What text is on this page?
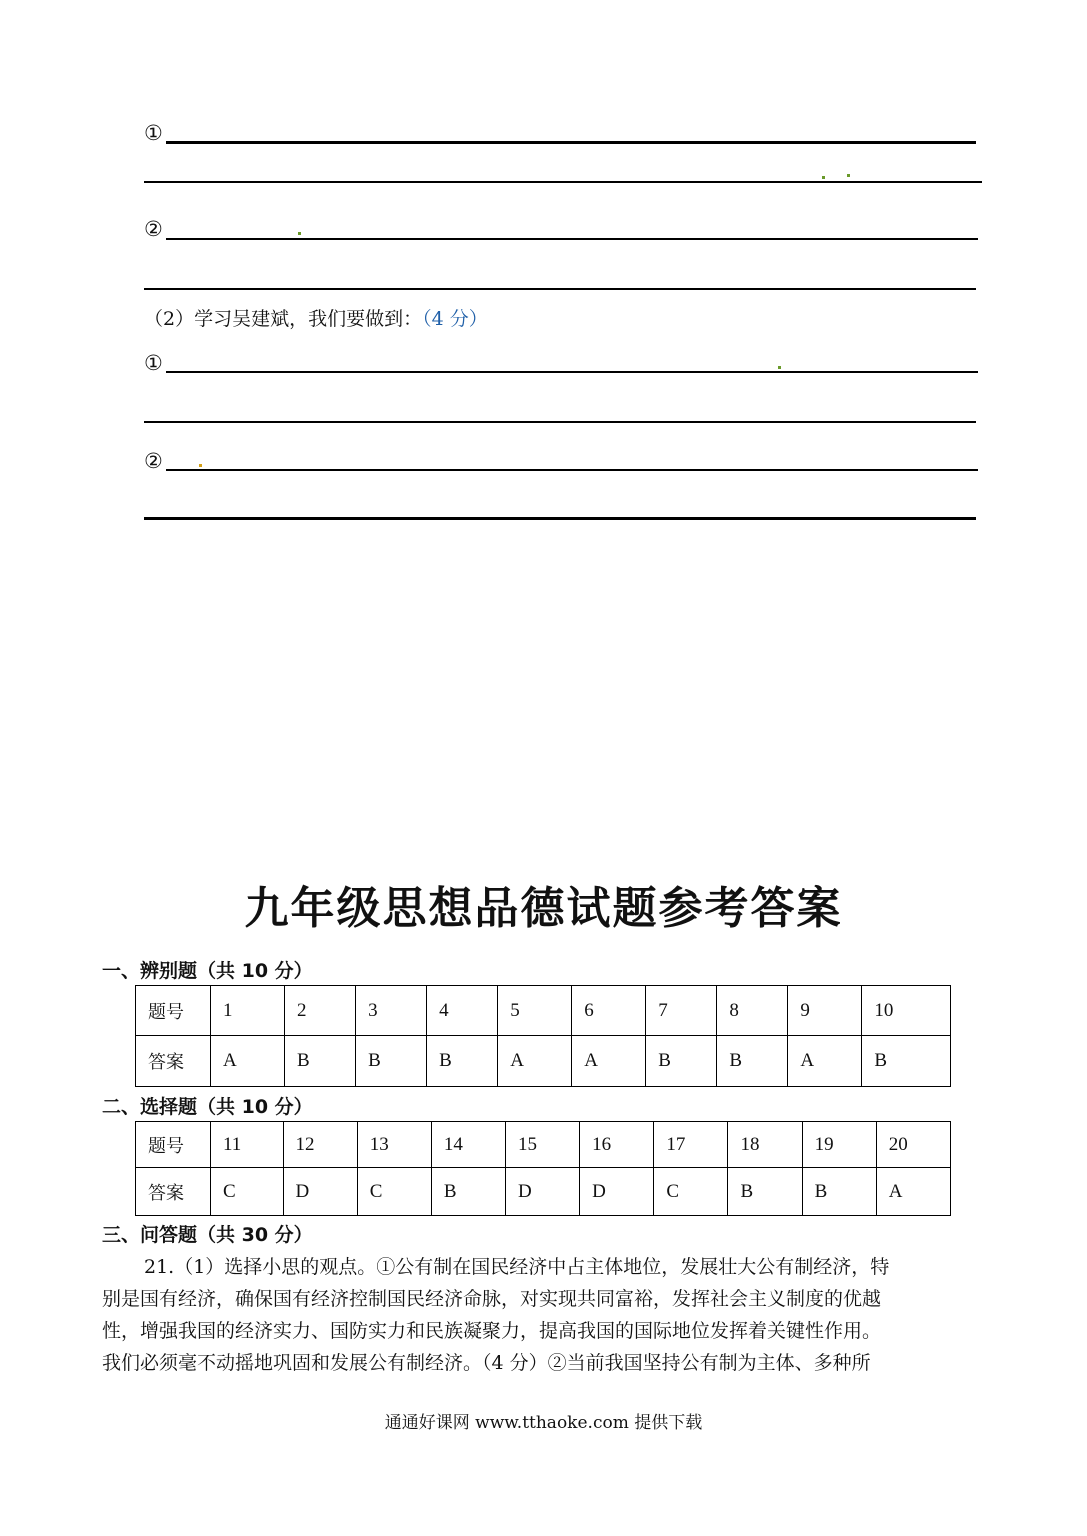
①
②
（2）学习吴建斌，我们要做到：（4 分）
①
②
九年级思想品德试题参考答案
一、辨别题（共 10 分）
题号	1	2	3	4	5	6	7	8	9	10
答案	A	B	B	B	A	A	B	B	A	B
二、选择题（共 10 分）
题号	11	12	13	14	15	16	17	18	19	20
答案	C	D	C	B	D	D	C	B	B	A
三、问答题（共 30 分）
21.（1）选择小思的观点。①公有制在国民经济中占主体地位，发展壮大公有制经济，特
别是国有经济，确保国有经济控制国民经济命脉，对实现共同富裕，发挥社会主义制度的优越
性，增强我国的经济实力、国防实力和民族凝聚力，提高我国的国际地位发挥着关键性作用。
我们必须毫不动摇地巩固和发展公有制经济。（4 分）②当前我国坚持公有制为主体、多种所
通通好课网 www.tthaoke.com 提供下载
